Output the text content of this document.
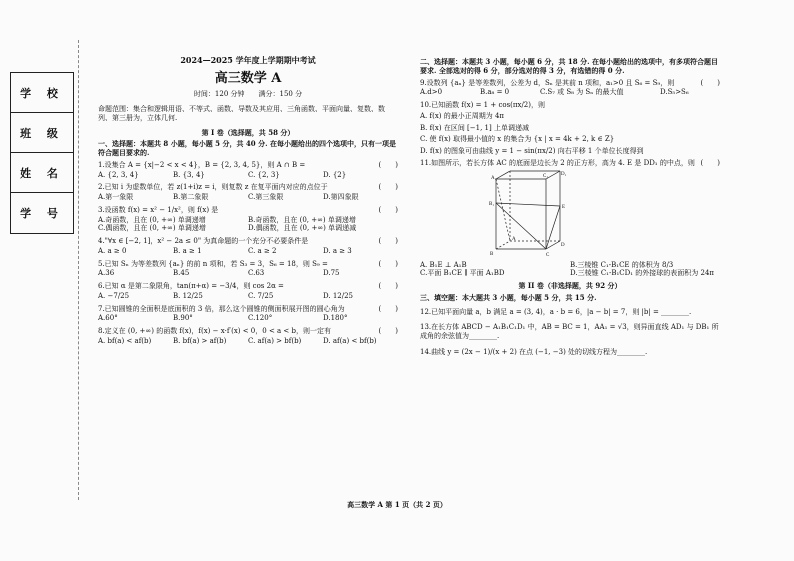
学 校
班 级
姓 名
学 号
2024—2025 学年度上学期期中考试
高三数学 A
时间：120 分钟　　满分：150 分
命题范围：集合和逻辑用语、不等式、函数、导数及其应用、三角函数、平面向量、复数、数列、第三册为，立体几何.
第 I 卷（选择题，共 58 分）
一、选择题：本题共 8 小题，每小题 5 分，共 40 分. 在每小题给出的四个选项中，只有一项是符合题目要求的.
1.设集合 A = {x|−2 < x < 4}，B = {2, 3, 4, 5}，则 A ∩ B =	(　　)
A. {2, 3, 4}	B. {3, 4}	C. {2, 3}	D. {2}
2.已知 i 为虚数单位，若 z(1+i)z = i，则复数 z 在复平面内对应的点位于	(　　)
A.第一象限	B.第二象限	C.第三象限	D.第四象限
3.设函数 f(x) = x² − 1/x²，则 f(x) 是	(　　)
A.奇函数，且在 (0, +∞) 单调递增	B.奇函数，且在 (0, +∞) 单调递增
C.偶函数，且在 (0, +∞) 单调递增	D.偶函数，且在 (0, +∞) 单调递减
4."∀x ∈ [−2, 1]，x² − 2a ≤ 0" 为真命题的一个充分不必要条件是	(　　)
A. a ≥ 0	B. a ≥ 1	C. a ≥ 2	D. a ≥ 3
5.已知 Sₙ 为等差数列 {aₙ} 的前 n 项和，若 S₃ = 3，S₆ = 18，则 S₉ =	(　　)
A.36	B.45	C.63	D.75
6.已知 α 是第二象限角，tan(π+α) = −3/4，则 cos 2α =	(　　)
A. −7/25	B. 12/25	C. 7/25	D. 12/25
7.已知圆锥的全面积是底面积的 3 倍，那么这个圆锥的侧面积展开图的圆心角为	(　　)
A.60°	B.90°	C.120°	D.180°
8.定义在 (0, +∞) 的函数 f(x)，f(x) − x·f′(x) < 0，0 < a < b，则一定有	(　　)
A. bf(a) < af(b)	B. bf(a) > af(b)	C. af(a) > bf(b)	D. af(a) < bf(b)
二、选择题：本题共 3 小题，每小题 6 分，共 18 分. 在每小题给出的选项中，有多项符合题目要求. 全部选对的得 6 分，部分选对的得 3 分，有选错的得 0 分.
9.设数列 {aₙ} 是等差数列，公差为 d，Sₙ 是其前 n 项和，a₁>0 且 S₆ = S₉，则	(　　)
A.d>0	B.a₈ = 0	C.S₇ 或 S₈ 为 Sₙ 的最大值	D.S₅>S₆
10.已知函数 f(x) = 1 + cos(πx/2)，则
A. f(x) 的最小正周期为 4π
B. f(x) 在区间 [−1, 1] 上单调递减
C. 使 f(x) 取得最小值的 x 的集合为 {x | x = 4k + 2, k ∈ Z}
D. f(x) 的图象可由曲线 y = 1 − sin(πx/2) 向右平移 1 个单位长度得到
11.如图所示，若长方体 AC 的底面是边长为 2 的正方形，高为 4. E 是 DD₁ 的中点，则 (　　)
A₁
B₁
C₁	D₁
A
B	C
D
E
A. B₁E ⊥ A₁B	B.三棱锥 C₁-B₁CE 的体积为 8/3
C.平面 B₁CE ∥ 平面 A₁BD	D.三棱锥 C₁-B₁CD₁ 的外接球的表面积为 24π
第 II 卷（非选择题，共 92 分）
三、填空题：本大题共 3 小题，每小题 5 分，共 15 分.
12.已知平面向量 a，b 满足 a = (3, 4)，a · b = 6，|a − b| = 7，则 |b| = ________.
13.在长方体 ABCD − A₁B₁C₁D₁ 中，AB = BC = 1，AA₁ = √3，则异面直线 AD₁ 与 DB₁ 所成角的余弦值为________.
14.曲线 y = (2x − 1)/(x + 2) 在点 (−1, −3) 处的切线方程为________.
高三数学 A 第 1 页（共 2 页）
